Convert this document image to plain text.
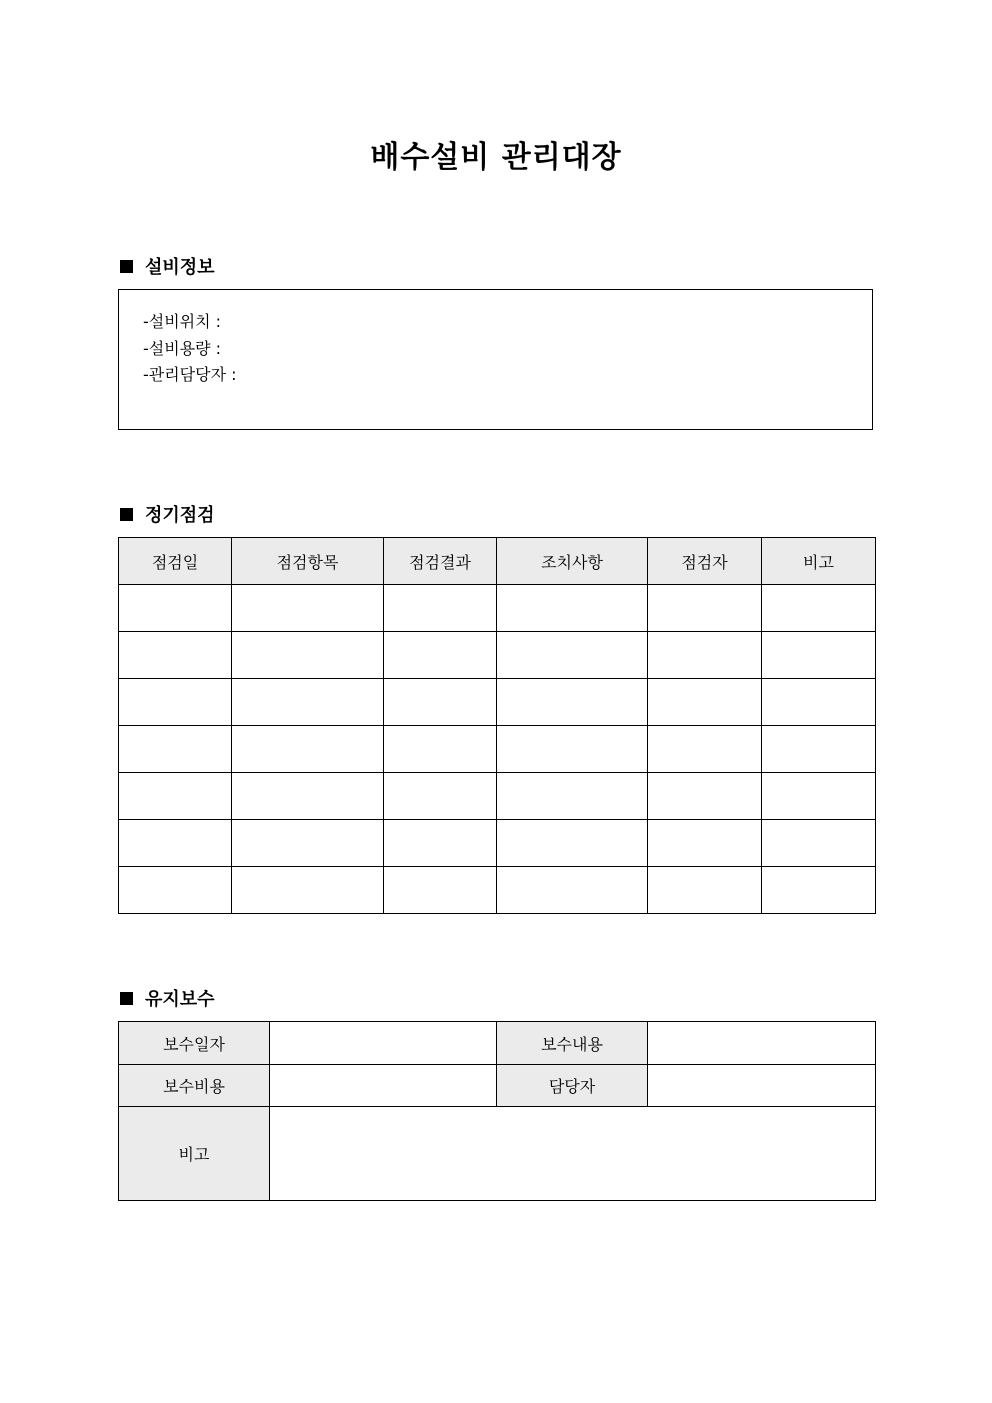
배수설비 관리대장
설비정보
-설비위치 :
-설비용량 :
-관리담당자 :
정기점검
점검일	점검항목	점검결과	조치사항	점검자	비고

유지보수
보수일자		보수내용	
보수비용		담당자	
비고			
